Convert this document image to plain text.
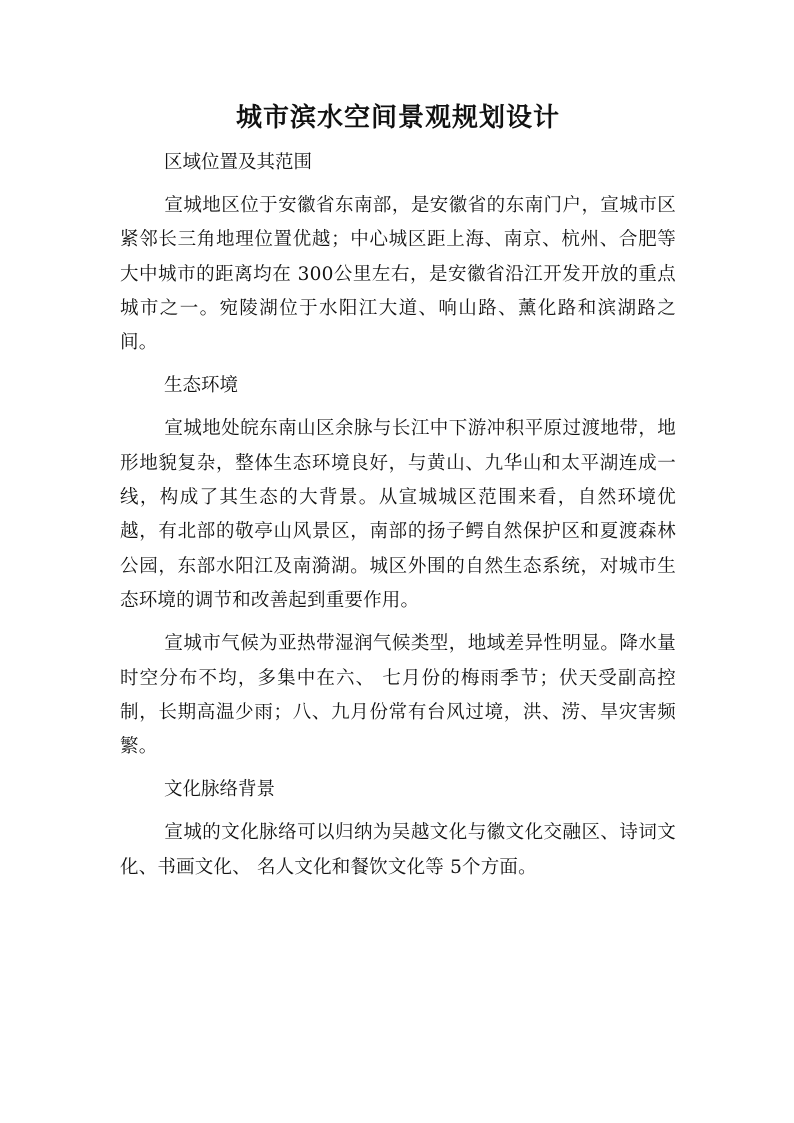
城市滨水空间景观规划设计
区域位置及其范围

宣城地区位于安徽省东南部，是安徽省的东南门户，宣城市区紧邻长三角地理位置优越；中心城区距上海、南京、杭州、合肥等大中城市的距离均在 300公里左右，是安徽省沿江开发开放的重点城市之一。宛陵湖位于水阳江大道、响山路、薰化路和滨湖路之间。

生态环境

宣城地处皖东南山区余脉与长江中下游冲积平原过渡地带，地形地貌复杂，整体生态环境良好，与黄山、九华山和太平湖连成一线，构成了其生态的大背景。从宣城城区范围来看，自然环境优越，有北部的敬亭山风景区，南部的扬子鳄自然保护区和夏渡森林公园，东部水阳江及南漪湖。城区外围的自然生态系统，对城市生态环境的调节和改善起到重要作用。

宣城市气候为亚热带湿润气候类型，地域差异性明显。降水量时空分布不均，多集中在六、 七月份的梅雨季节；伏天受副高控制，长期高温少雨；八、九月份常有台风过境，洪、涝、旱灾害频繁。

文化脉络背景

宣城的文化脉络可以归纳为吴越文化与徽文化交融区、诗词文化、书画文化、 名人文化和餐饮文化等 5个方面。
